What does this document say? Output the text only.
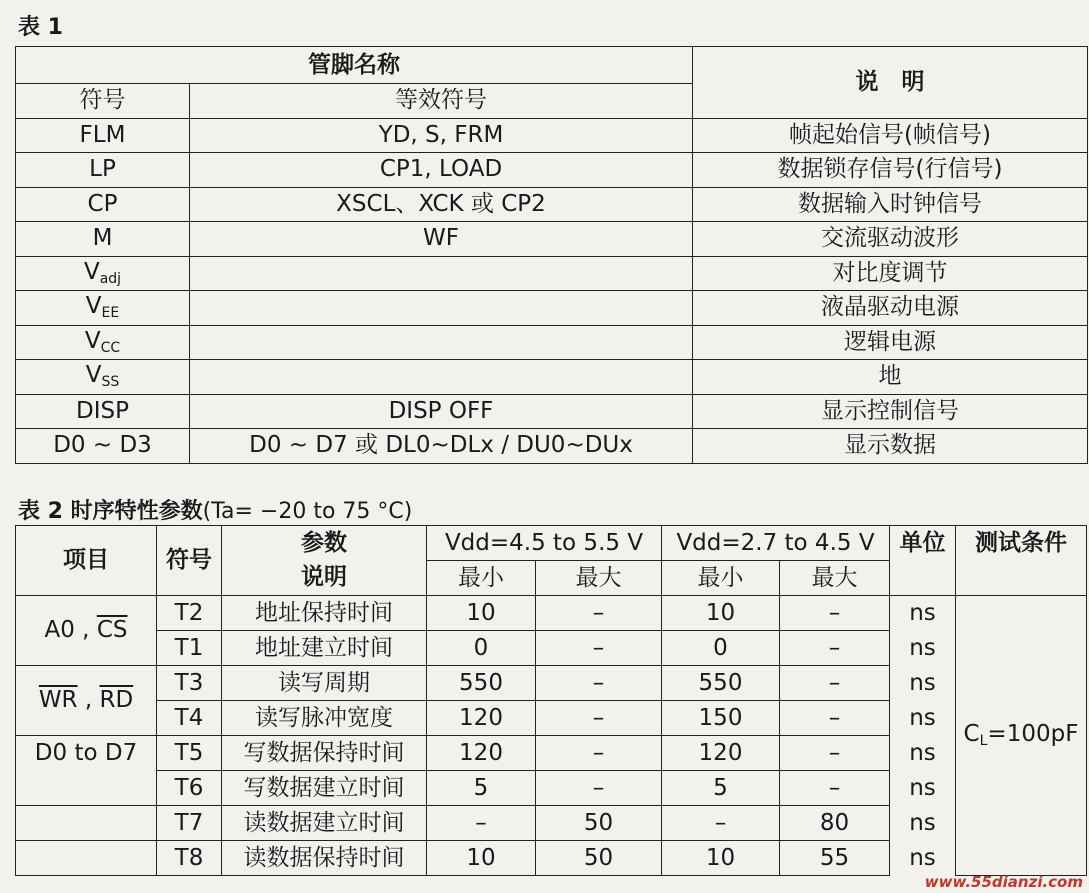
表 1
管脚名称		说　明
符号	等效符号	
FLM	YD, S, FRM	帧起始信号(帧信号)
LP	CP1, LOAD	数据锁存信号(行信号)
CP	XSCL、XCK 或 CP2	数据输入时钟信号
M	WF	交流驱动波形
$V_{adj}$		对比度调节
$V_{EE}$		液晶驱动电源
$V_{CC}$		逻辑电源
$V_{SS}$		地
DISP	DISP OFF	显示控制信号
D0 ~ D3	D0 ~ D7 或 DL0~DLx / DU0~DUx	显示数据
表 2 时序特性参数(Ta= −20 to 75 °C)
项目	符号	参数	Vdd=4.5 to 5.5 V		Vdd=2.7 to 4.5 V		单位	测试条件
		说明	最小	最大	最小	最大		
A0 , $\overline{CS}$	T2	地址保持时间	10	–	10	–	ns	$C_L=100pF$
	T1	地址建立时间	0	–	0	–	ns	
$\overline{WR}$ , $\overline{RD}$	T3	读写周期	550	–	550	–	ns	
	T4	读写脉冲宽度	120	–	150	–	ns	
D0 to D7	T5	写数据保持时间	120	–	120	–	ns	
	T6	写数据建立时间	5	–	5	–	ns	
	T7	读数据建立时间	–	50	–	80	ns	
	T8	读数据保持时间	10	50	10	55	ns	
www.55dianzi.com
